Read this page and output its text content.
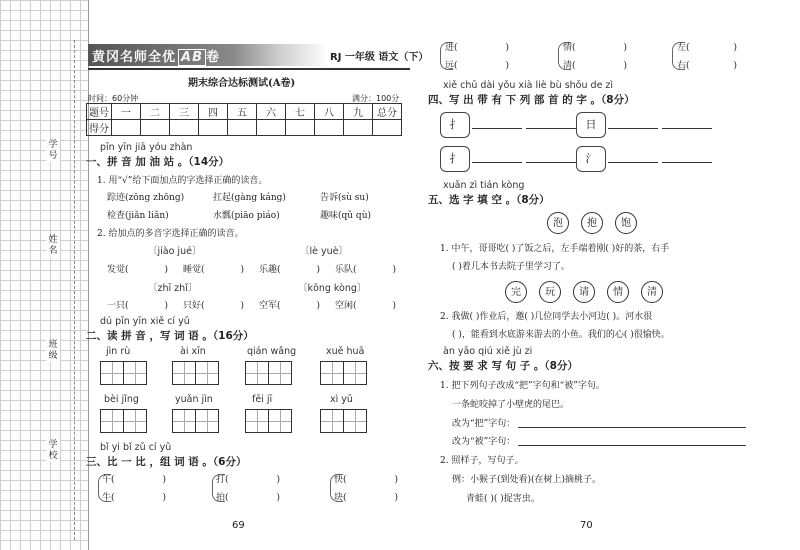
学号
姓名
班级
学校
黄冈名师全优 AB 卷	RJ 一年级 语文（下）
期末综合达标测试(A卷)
时间：60分钟	满分：100分
题号	一	二	三	四	五	六	七	八	九	总分
得分										
pīn yīn jiā yóu zhàn
一、拼 音 加 油 站 。（14分）
1. 用“√”给下面加点的字选择正确的读音。
踪迹(zōng zhōng)	扛起(gàng káng)	告诉(sù su)
检查(jiǎn liǎn)	水瓢(piāo piáo)	趣味(qǔ qù)
2. 给加点的多音字选择正确的读音。
〔jiào jué〕	〔lè yuè〕
发觉(	) 睡觉(	) 乐趣(	) 乐队(	)
〔zhī zhǐ〕	〔kōng kòng〕
一只(	) 只好(	) 空军(	) 空闲(	)
dú pīn yīn xiě cí yǔ
二、读 拼 音 ，写 词 语 。（16分）
jìn rù	ài xīn	qián wǎng	xuě huā
bèi jǐng	yuǎn jìn	fēi jī	xì yǔ
bǐ yi bǐ zǔ cí yǔ
三、比 一 比 ，组 词 语 。（6分）
午(	)
牛(	)
打(	)
拍(	)
快(	)
块(	)
69
进(	)
远(	)
情(	)
清(	)
左(	)
右(	)
xiě chū dài yǒu xià liè bù shǒu de zì
四、写 出 带 有 下 列 部 首 的 字 。（8分）
扌	日
扌	氵
xuǎn zì tián kòng
五、选 字 填 空 。（8分）
泡	抱	饱
1. 中午，哥哥吃( )了饭之后，左手端着刚( )好的茶，右手
( )着几本书去院子里学习了。
完	玩	请	情	清
2. 我做( )作业后，邀( )几位同学去小河边( )。河水很
( )，能看到水底游来游去的小鱼。我们的心( )很愉快。
àn yāo qiú xiě jù zi
六、按 要 求 写 句 子 。（8分）
1. 把下列句子改成“把”字句和“被”字句。
一条蛇咬掉了小壁虎的尾巴。
改为“把”字句：
改为“被”字句：
2. 照样子，写句子。
例：小猴子(到处看)(在树上)摘桃子。
青蛙( )( )捉害虫。
70
